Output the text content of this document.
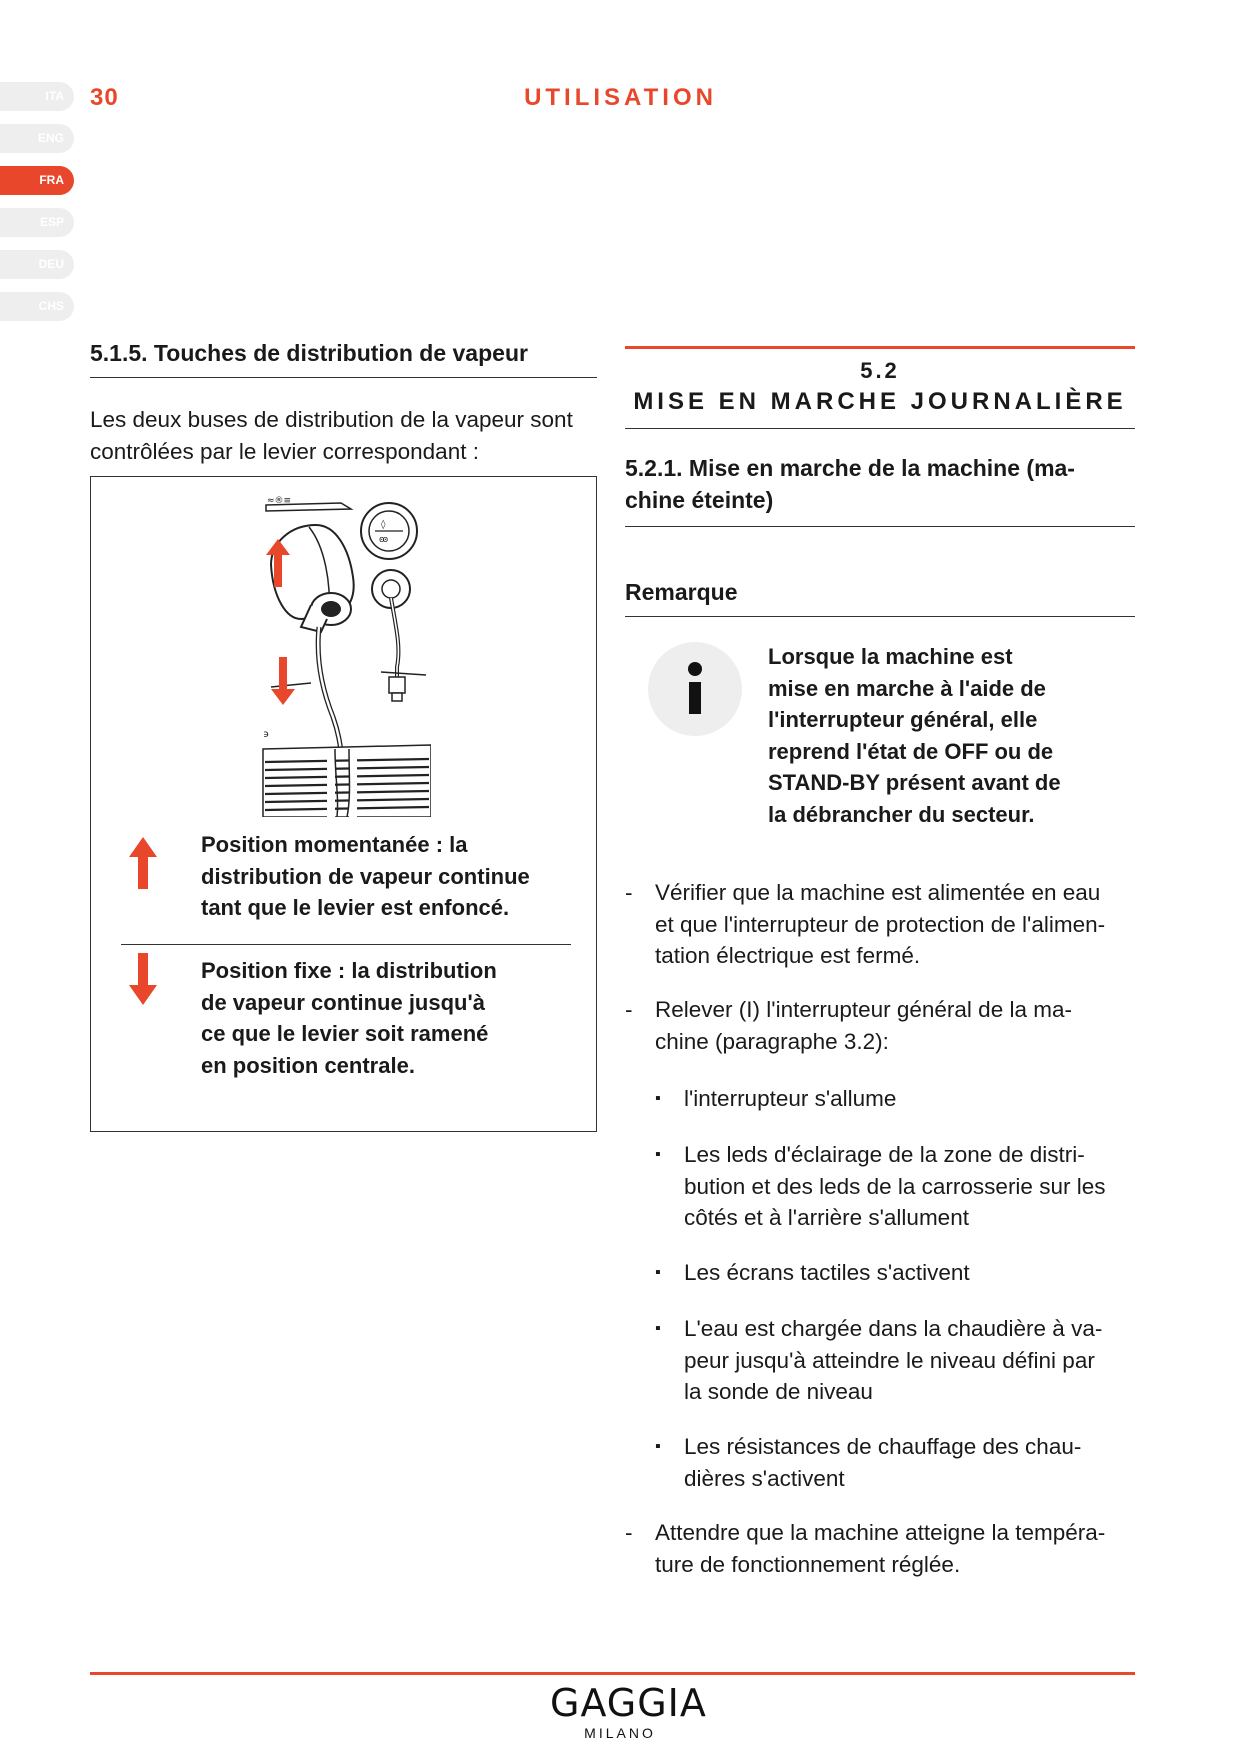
ITA
ENG
FRA
ESP
DEU
CHS
30	UTILISATION
5.1.5. Touches de distribution de vapeur
Les deux buses de distribution de la vapeur sont
contrôlées par le levier correspondant :
≈®≡
◊
ꙭ
϶
Position momentanée : la
distribution de vapeur continue
tant que le levier est enfoncé.
Position fixe : la distribution
de vapeur continue jusqu'à
ce que le levier soit ramené
en position centrale.
5.2
MISE EN MARCHE JOURNALIÈRE
5.2.1. Mise en marche de la machine (ma-
chine éteinte)
Remarque
Lorsque la machine est
mise en marche à l'aide de
l'interrupteur général, elle
reprend l'état de OFF ou de
STAND-BY présent avant de
la débrancher du secteur.
- Vérifier que la machine est alimentée en eau
et que l'interrupteur de protection de l'alimen-
tation électrique est fermé.
- Relever (I) l'interrupteur général de la ma-
chine (paragraphe 3.2):
▪ l'interrupteur s'allume
▪ Les leds d'éclairage de la zone de distri-
bution et des leds de la carrosserie sur les
côtés et à l'arrière s'allument
▪ Les écrans tactiles s'activent
▪ L'eau est chargée dans la chaudière à va-
peur jusqu'à atteindre le niveau défini par
la sonde de niveau
▪ Les résistances de chauffage des chau-
dières s'activent
- Attendre que la machine atteigne la tempéra-
ture de fonctionnement réglée.
GAGGIA
MILANO
